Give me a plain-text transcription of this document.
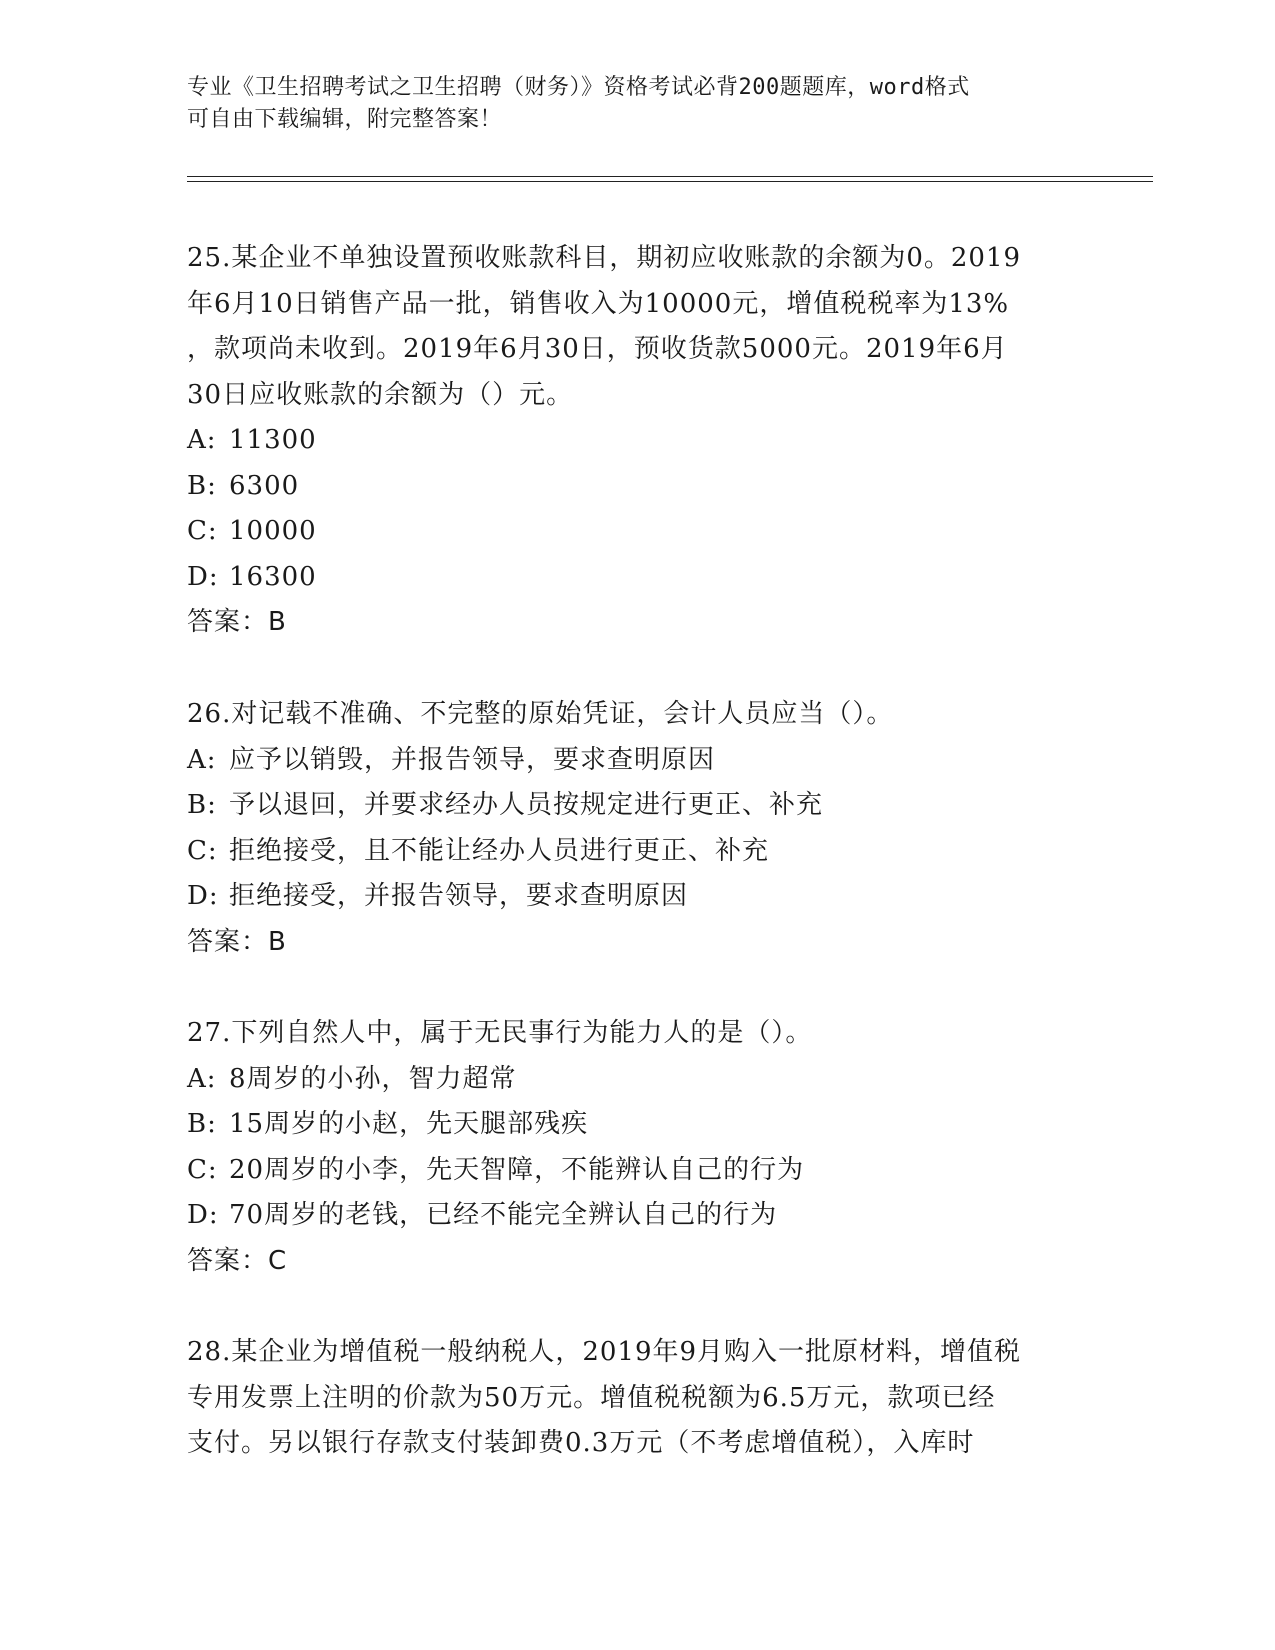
专业《卫生招聘考试之卫生招聘（财务）》资格考试必背200题题库，word格式
可自由下载编辑，附完整答案！
25.某企业不单独设置预收账款科目，期初应收账款的余额为0。2019
年6月10日销售产品一批，销售收入为10000元，增值税税率为13%
，款项尚未收到。2019年6月30日，预收货款5000元。2019年6月
30日应收账款的余额为（）元。
A: 11300
B: 6300
C: 10000
D: 16300
答案：B
26.对记载不准确、不完整的原始凭证，会计人员应当（）。
A: 应予以销毁，并报告领导，要求查明原因
B: 予以退回，并要求经办人员按规定进行更正、补充
C: 拒绝接受，且不能让经办人员进行更正、补充
D: 拒绝接受，并报告领导，要求查明原因
答案：B
27.下列自然人中，属于无民事行为能力人的是（）。
A: 8周岁的小孙，智力超常
B: 15周岁的小赵，先天腿部残疾
C: 20周岁的小李，先天智障，不能辨认自己的行为
D: 70周岁的老钱，已经不能完全辨认自己的行为
答案：C
28.某企业为增值税一般纳税人，2019年9月购入一批原材料，增值税
专用发票上注明的价款为50万元。增值税税额为6.5万元，款项已经
支付。另以银行存款支付装卸费0.3万元（不考虑增值税），入库时
